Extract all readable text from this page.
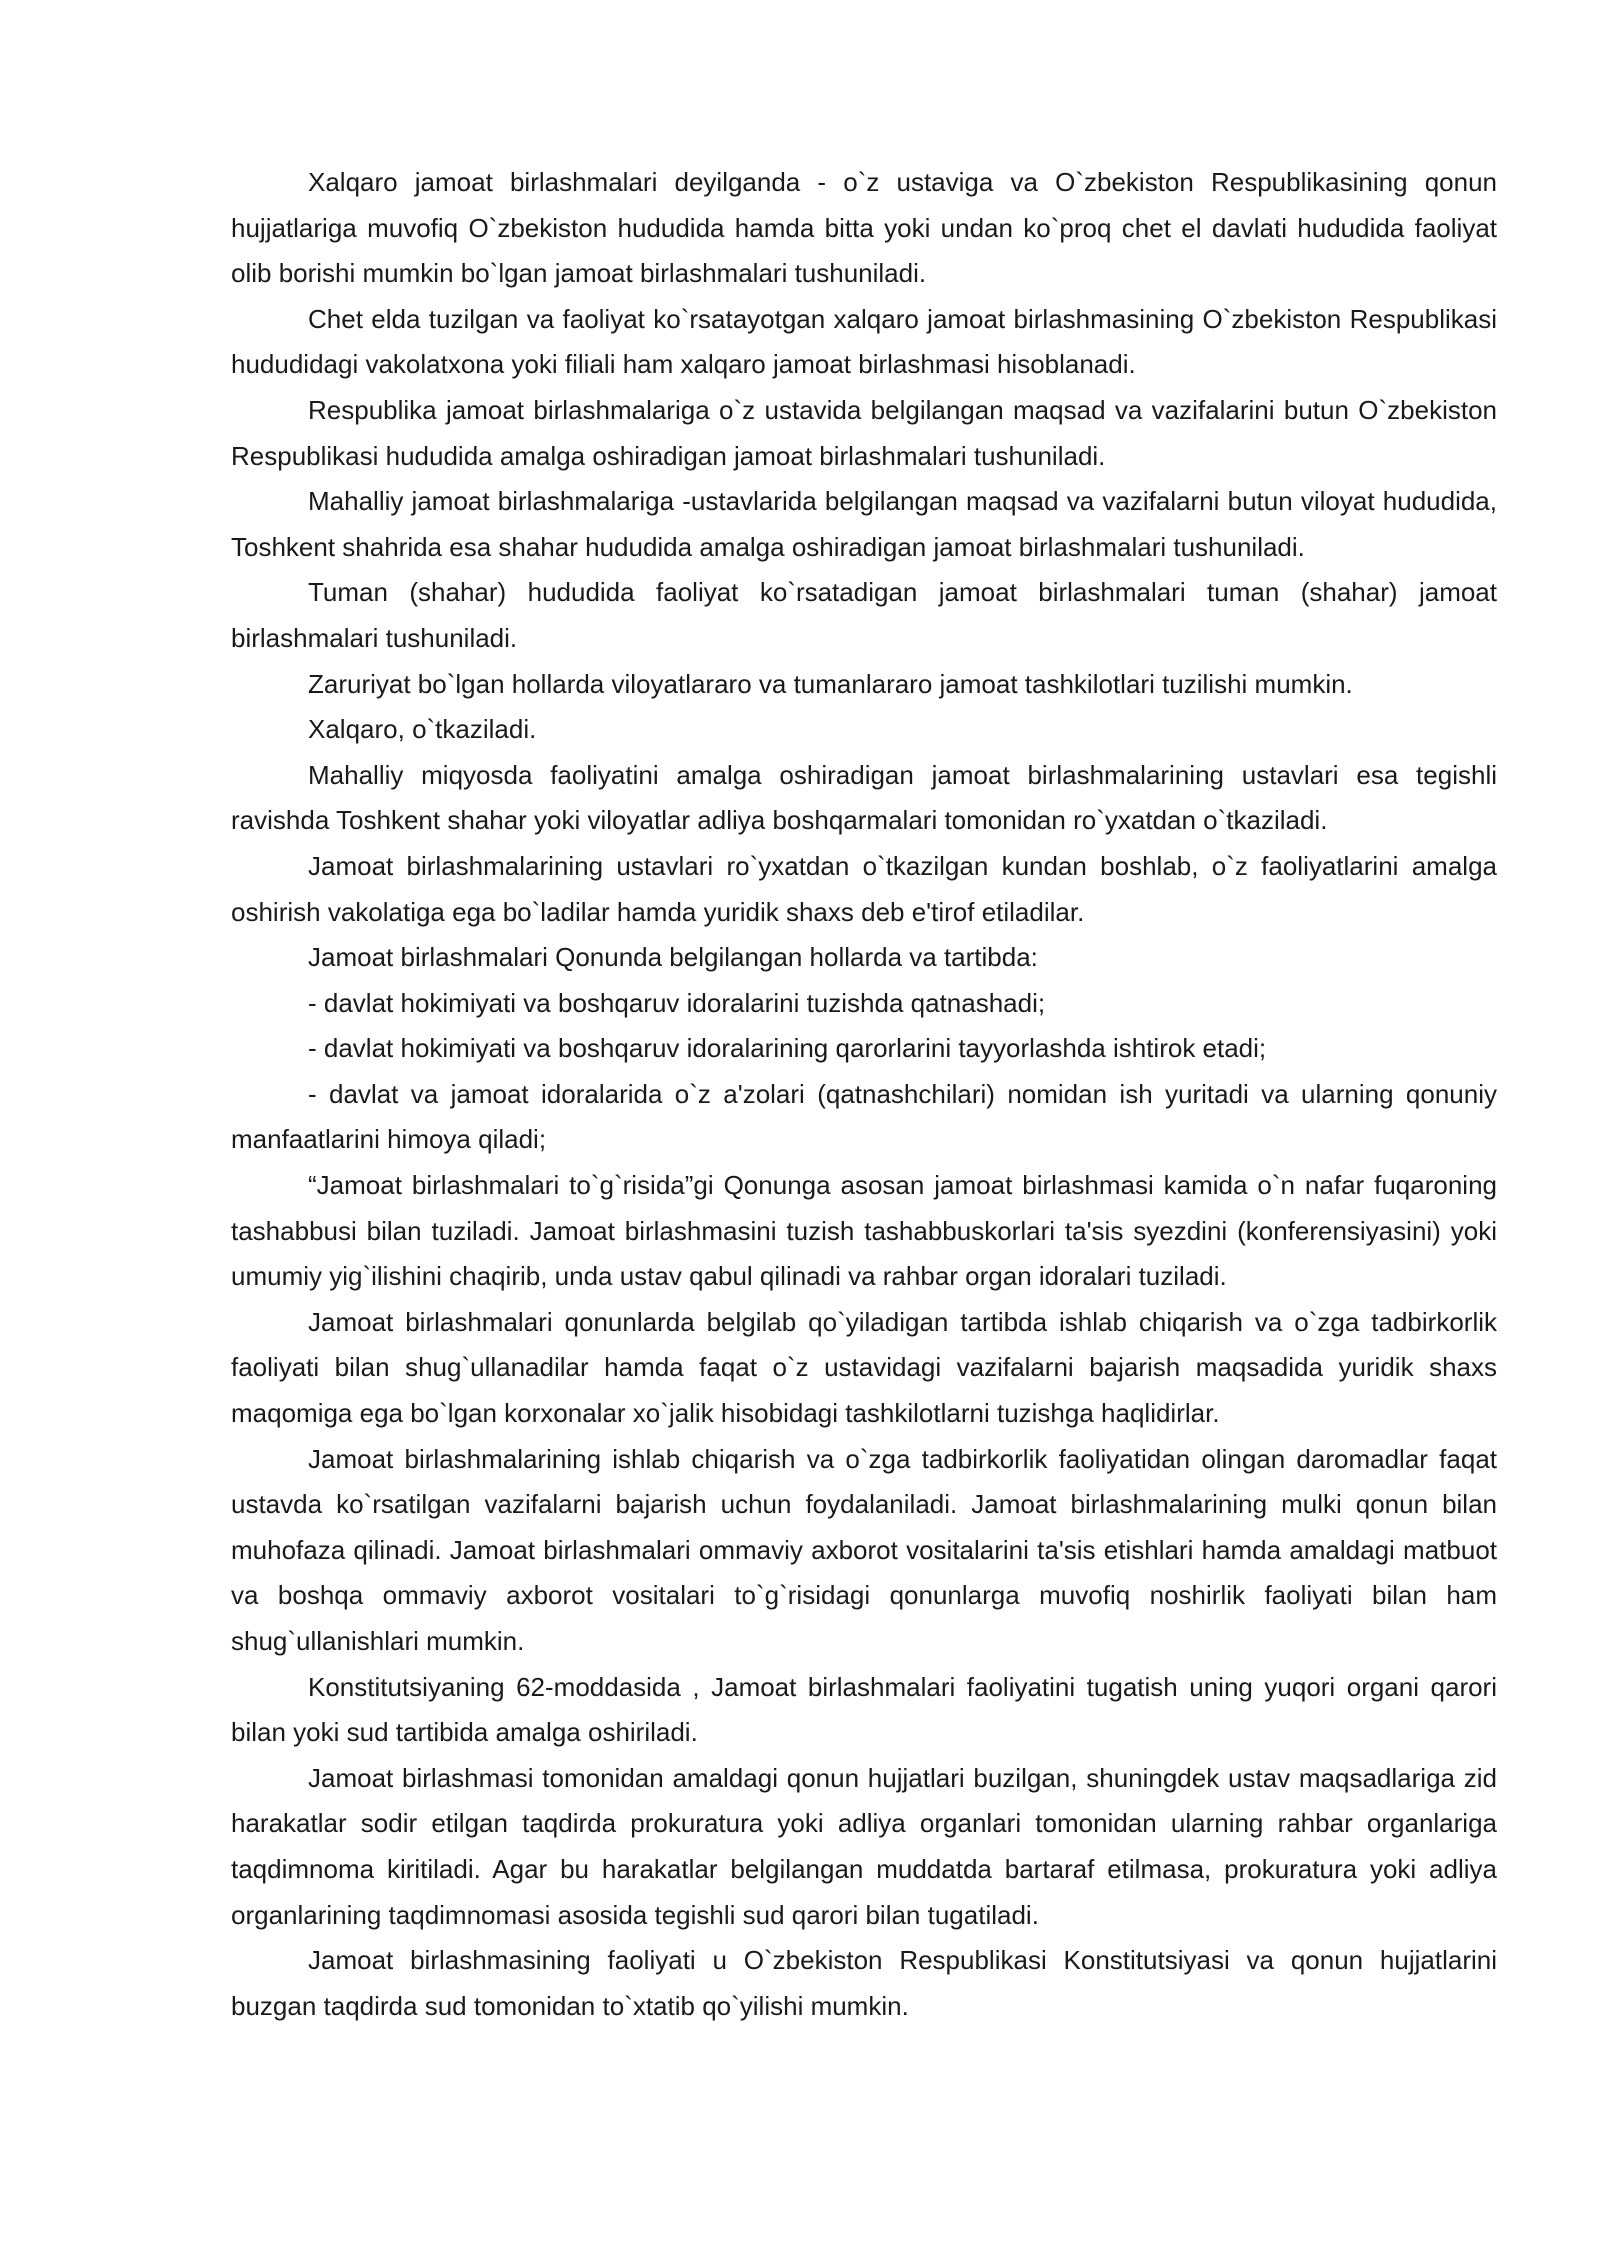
Xalqaro jamoat birlashmalari deyilganda - o`z ustaviga va O`zbekiston Respublikasining qonun hujjatlariga muvofiq O`zbekiston hududida hamda bitta yoki undan ko`proq chet el davlati hududida faoliyat olib borishi mumkin bo`lgan jamoat birlashmalari tushuniladi.

Chet elda tuzilgan va faoliyat ko`rsatayotgan xalqaro jamoat birlashmasining O`zbekiston Respublikasi hududidagi vakolatxona yoki filiali ham xalqaro jamoat birlashmasi hisoblanadi.

Respublika jamoat birlashmalariga o`z ustavida belgilangan maqsad va vazifalarini butun O`zbekiston Respublikasi hududida amalga oshiradigan jamoat birlashmalari tushuniladi.

Mahalliy jamoat birlashmalariga -ustavlarida belgilangan maqsad va vazifalarni butun viloyat hududida, Toshkent shahrida esa shahar hududida amalga oshiradigan jamoat birlashmalari tushuniladi.

Tuman (shahar) hududida faoliyat ko`rsatadigan jamoat birlashmalari tuman (shahar) jamoat birlashmalari tushuniladi.

Zaruriyat bo`lgan hollarda viloyatlararo va tumanlararo jamoat tashkilotlari tuzilishi mumkin.

Xalqaro, o`tkaziladi.

Mahalliy miqyosda faoliyatini amalga oshiradigan jamoat birlashmalarining ustavlari esa tegishli ravishda Toshkent shahar yoki viloyatlar adliya boshqarmalari tomonidan ro`yxatdan o`tkaziladi.

Jamoat birlashmalarining ustavlari ro`yxatdan o`tkazilgan kundan boshlab, o`z faoliyatlarini amalga oshirish vakolatiga ega bo`ladilar hamda yuridik shaxs deb e'tirof etiladilar.

Jamoat birlashmalari Qonunda belgilangan hollarda va tartibda:

- davlat hokimiyati va boshqaruv idoralarini tuzishda qatnashadi;

- davlat hokimiyati va boshqaruv idoralarining qarorlarini tayyorlashda ishtirok etadi;

- davlat va jamoat idoralarida o`z a'zolari (qatnashchilari) nomidan ish yuritadi va ularning qonuniy manfaatlarini himoya qiladi;

“Jamoat birlashmalari to`g`risida”gi Qonunga asosan jamoat birlashmasi kamida o`n nafar fuqaroning tashabbusi bilan tuziladi. Jamoat birlashmasini tuzish tashabbuskorlari ta'sis syezdini (konferensiyasini) yoki umumiy yig`ilishini chaqirib, unda ustav qabul qilinadi va rahbar organ idoralari tuziladi.

Jamoat birlashmalari qonunlarda belgilab qo`yiladigan tartibda ishlab chiqarish va o`zga tadbirkorlik faoliyati bilan shug`ullanadilar hamda faqat o`z ustavidagi vazifalarni bajarish maqsadida yuridik shaxs maqomiga ega bo`lgan korxonalar xo`jalik hisobidagi tashkilotlarni tuzishga haqlidirlar.

Jamoat birlashmalarining ishlab chiqarish va o`zga tadbirkorlik faoliyatidan olingan daromadlar faqat ustavda ko`rsatilgan vazifalarni bajarish uchun foydalaniladi. Jamoat birlashmalarining mulki qonun bilan muhofaza qilinadi. Jamoat birlashmalari ommaviy axborot vositalarini ta'sis etishlari hamda amaldagi matbuot va boshqa ommaviy axborot vositalari to`g`risidagi qonunlarga muvofiq noshirlik faoliyati bilan ham shug`ullanishlari mumkin.

Konstitutsiyaning 62-moddasida , Jamoat birlashmalari faoliyatini tugatish uning yuqori organi qarori bilan yoki sud tartibida amalga oshiriladi.

Jamoat birlashmasi tomonidan amaldagi qonun hujjatlari buzilgan, shuningdek ustav maqsadlariga zid harakatlar sodir etilgan taqdirda prokuratura yoki adliya organlari tomonidan ularning rahbar organlariga taqdimnoma kiritiladi. Agar bu harakatlar belgilangan muddatda bartaraf etilmasa, prokuratura yoki adliya organlarining taqdimnomasi asosida tegishli sud qarori bilan tugatiladi.

Jamoat birlashmasining faoliyati u O`zbekiston Respublikasi Konstitutsiyasi va qonun hujjatlarini buzgan taqdirda sud tomonidan to`xtatib qo`yilishi mumkin.
